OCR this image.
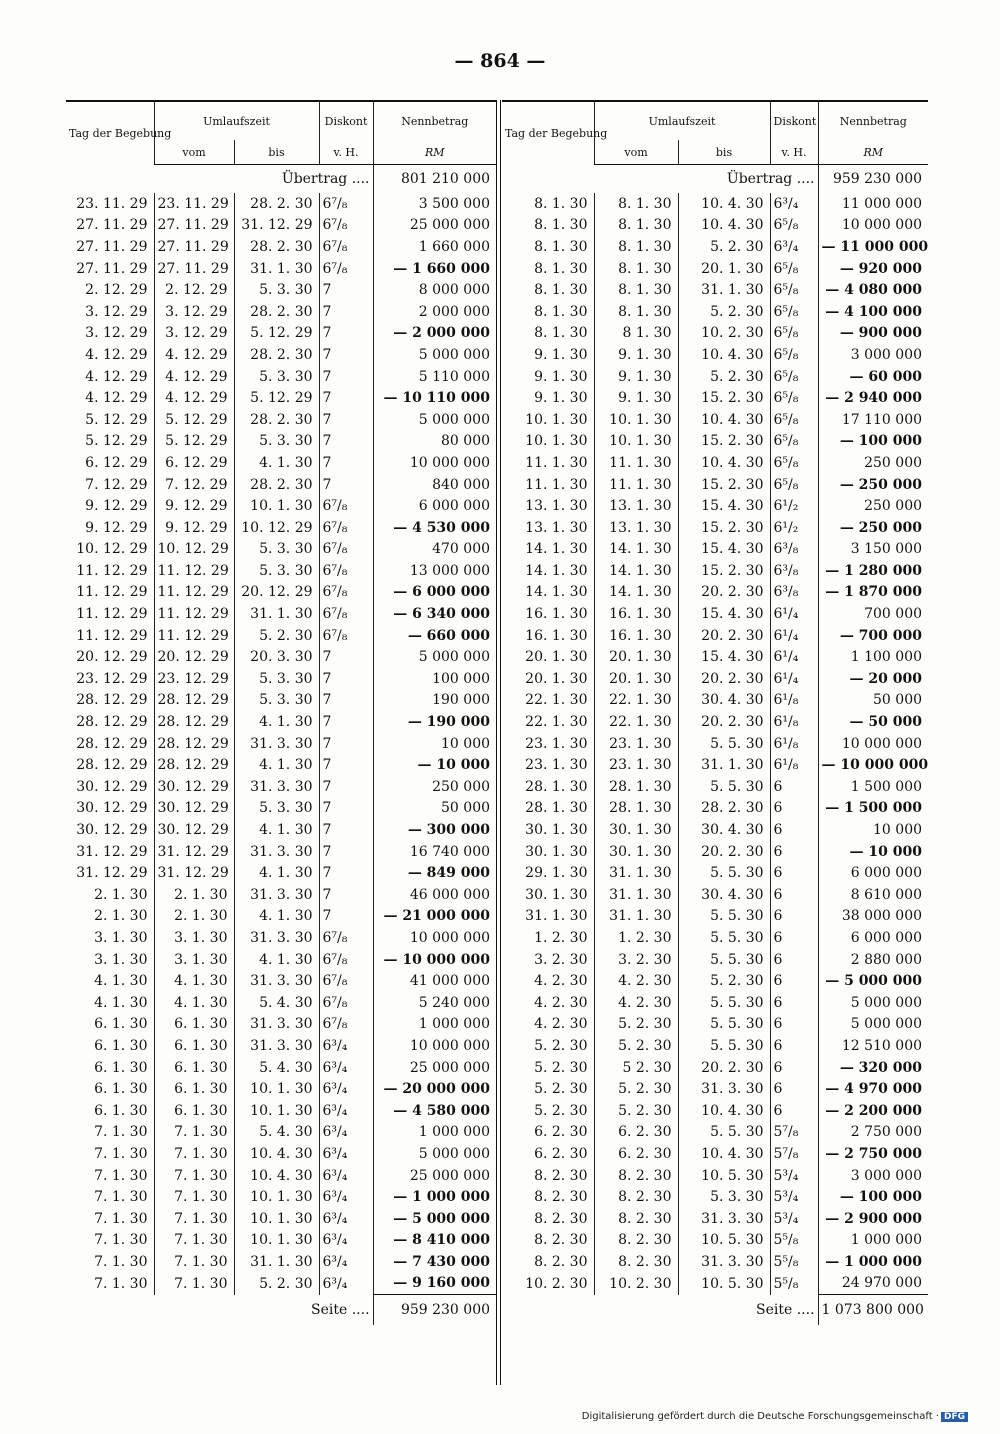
— 864 —
Tag der Begebung	Umlaufszeit		Diskont	Nennbetrag
	vom	bis	v. H.	RM
Übertrag ....				801 210 000
23. 11. 29	23. 11. 29	28. 2. 30	6⁷/₈	3 500 000
27. 11. 29	27. 11. 29	31. 12. 29	6⁷/₈	25 000 000
27. 11. 29	27. 11. 29	28. 2. 30	6⁷/₈	1 660 000
27. 11. 29	27. 11. 29	31. 1. 30	6⁷/₈	— 1 660 000
2. 12. 29	2. 12. 29	5. 3. 30	7	8 000 000
3. 12. 29	3. 12. 29	28. 2. 30	7	2 000 000
3. 12. 29	3. 12. 29	5. 12. 29	7	— 2 000 000
4. 12. 29	4. 12. 29	28. 2. 30	7	5 000 000
4. 12. 29	4. 12. 29	5. 3. 30	7	5 110 000
4. 12. 29	4. 12. 29	5. 12. 29	7	— 10 110 000
5. 12. 29	5. 12. 29	28. 2. 30	7	5 000 000
5. 12. 29	5. 12. 29	5. 3. 30	7	80 000
6. 12. 29	6. 12. 29	4. 1. 30	7	10 000 000
7. 12. 29	7. 12. 29	28. 2. 30	7	840 000
9. 12. 29	9. 12. 29	10. 1. 30	6⁷/₈	6 000 000
9. 12. 29	9. 12. 29	10. 12. 29	6⁷/₈	— 4 530 000
10. 12. 29	10. 12. 29	5. 3. 30	6⁷/₈	470 000
11. 12. 29	11. 12. 29	5. 3. 30	6⁷/₈	13 000 000
11. 12. 29	11. 12. 29	20. 12. 29	6⁷/₈	— 6 000 000
11. 12. 29	11. 12. 29	31. 1. 30	6⁷/₈	— 6 340 000
11. 12. 29	11. 12. 29	5. 2. 30	6⁷/₈	— 660 000
20. 12. 29	20. 12. 29	20. 3. 30	7	5 000 000
23. 12. 29	23. 12. 29	5. 3. 30	7	100 000
28. 12. 29	28. 12. 29	5. 3. 30	7	190 000
28. 12. 29	28. 12. 29	4. 1. 30	7	— 190 000
28. 12. 29	28. 12. 29	31. 3. 30	7	10 000
28. 12. 29	28. 12. 29	4. 1. 30	7	— 10 000
30. 12. 29	30. 12. 29	31. 3. 30	7	250 000
30. 12. 29	30. 12. 29	5. 3. 30	7	50 000
30. 12. 29	30. 12. 29	4. 1. 30	7	— 300 000
31. 12. 29	31. 12. 29	31. 3. 30	7	16 740 000
31. 12. 29	31. 12. 29	4. 1. 30	7	— 849 000
2. 1. 30	2. 1. 30	31. 3. 30	7	46 000 000
2. 1. 30	2. 1. 30	4. 1. 30	7	— 21 000 000
3. 1. 30	3. 1. 30	31. 3. 30	6⁷/₈	10 000 000
3. 1. 30	3. 1. 30	4. 1. 30	6⁷/₈	— 10 000 000
4. 1. 30	4. 1. 30	31. 3. 30	6⁷/₈	41 000 000
4. 1. 30	4. 1. 30	5. 4. 30	6⁷/₈	5 240 000
6. 1. 30	6. 1. 30	31. 3. 30	6⁷/₈	1 000 000
6. 1. 30	6. 1. 30	31. 3. 30	6³/₄	10 000 000
6. 1. 30	6. 1. 30	5. 4. 30	6³/₄	25 000 000
6. 1. 30	6. 1. 30	10. 1. 30	6³/₄	— 20 000 000
6. 1. 30	6. 1. 30	10. 1. 30	6³/₄	— 4 580 000
7. 1. 30	7. 1. 30	5. 4. 30	6³/₄	1 000 000
7. 1. 30	7. 1. 30	10. 4. 30	6³/₄	5 000 000
7. 1. 30	7. 1. 30	10. 4. 30	6³/₄	25 000 000
7. 1. 30	7. 1. 30	10. 1. 30	6³/₄	— 1 000 000
7. 1. 30	7. 1. 30	10. 1. 30	6³/₄	— 5 000 000
7. 1. 30	7. 1. 30	10. 1. 30	6³/₄	— 8 410 000
7. 1. 30	7. 1. 30	31. 1. 30	6³/₄	— 7 430 000
7. 1. 30	7. 1. 30	5. 2. 30	6³/₄	— 9 160 000
Seite ....				959 230 000
Tag der Begebung	Umlaufszeit		Diskont	Nennbetrag
	vom	bis	v. H.	RM
Übertrag ....				959 230 000
8. 1. 30	8. 1. 30	10. 4. 30	6³/₄	11 000 000
8. 1. 30	8. 1. 30	10. 4. 30	6⁵/₈	10 000 000
8. 1. 30	8. 1. 30	5. 2. 30	6³/₄	— 11 000 000
8. 1. 30	8. 1. 30	20. 1. 30	6⁵/₈	— 920 000
8. 1. 30	8. 1. 30	31. 1. 30	6⁵/₈	— 4 080 000
8. 1. 30	8. 1. 30	5. 2. 30	6⁵/₈	— 4 100 000
8. 1. 30	8 1. 30	10. 2. 30	6⁵/₈	— 900 000
9. 1. 30	9. 1. 30	10. 4. 30	6⁵/₈	3 000 000
9. 1. 30	9. 1. 30	5. 2. 30	6⁵/₈	— 60 000
9. 1. 30	9. 1. 30	15. 2. 30	6⁵/₈	— 2 940 000
10. 1. 30	10. 1. 30	10. 4. 30	6⁵/₈	17 110 000
10. 1. 30	10. 1. 30	15. 2. 30	6⁵/₈	— 100 000
11. 1. 30	11. 1. 30	10. 4. 30	6⁵/₈	250 000
11. 1. 30	11. 1. 30	15. 2. 30	6⁵/₈	— 250 000
13. 1. 30	13. 1. 30	15. 4. 30	6¹/₂	250 000
13. 1. 30	13. 1. 30	15. 2. 30	6¹/₂	— 250 000
14. 1. 30	14. 1. 30	15. 4. 30	6³/₈	3 150 000
14. 1. 30	14. 1. 30	15. 2. 30	6³/₈	— 1 280 000
14. 1. 30	14. 1. 30	20. 2. 30	6³/₈	— 1 870 000
16. 1. 30	16. 1. 30	15. 4. 30	6¹/₄	700 000
16. 1. 30	16. 1. 30	20. 2. 30	6¹/₄	— 700 000
20. 1. 30	20. 1. 30	15. 4. 30	6¹/₄	1 100 000
20. 1. 30	20. 1. 30	20. 2. 30	6¹/₄	— 20 000
22. 1. 30	22. 1. 30	30. 4. 30	6¹/₈	50 000
22. 1. 30	22. 1. 30	20. 2. 30	6¹/₈	— 50 000
23. 1. 30	23. 1. 30	5. 5. 30	6¹/₈	10 000 000
23. 1. 30	23. 1. 30	31. 1. 30	6¹/₈	— 10 000 000
28. 1. 30	28. 1. 30	5. 5. 30	6	1 500 000
28. 1. 30	28. 1. 30	28. 2. 30	6	— 1 500 000
30. 1. 30	30. 1. 30	30. 4. 30	6	10 000
30. 1. 30	30. 1. 30	20. 2. 30	6	— 10 000
29. 1. 30	31. 1. 30	5. 5. 30	6	6 000 000
30. 1. 30	31. 1. 30	30. 4. 30	6	8 610 000
31. 1. 30	31. 1. 30	5. 5. 30	6	38 000 000
1. 2. 30	1. 2. 30	5. 5. 30	6	6 000 000
3. 2. 30	3. 2. 30	5. 5. 30	6	2 880 000
4. 2. 30	4. 2. 30	5. 2. 30	6	— 5 000 000
4. 2. 30	4. 2. 30	5. 5. 30	6	5 000 000
4. 2. 30	5. 2. 30	5. 5. 30	6	5 000 000
5. 2. 30	5. 2. 30	5. 5. 30	6	12 510 000
5. 2. 30	5 2. 30	20. 2. 30	6	— 320 000
5. 2. 30	5. 2. 30	31. 3. 30	6	— 4 970 000
5. 2. 30	5. 2. 30	10. 4. 30	6	— 2 200 000
6. 2. 30	6. 2. 30	5. 5. 30	5⁷/₈	2 750 000
6. 2. 30	6. 2. 30	10. 4. 30	5⁷/₈	— 2 750 000
8. 2. 30	8. 2. 30	10. 5. 30	5³/₄	3 000 000
8. 2. 30	8. 2. 30	5. 3. 30	5³/₄	— 100 000
8. 2. 30	8. 2. 30	31. 3. 30	5³/₄	— 2 900 000
8. 2. 30	8. 2. 30	10. 5. 30	5⁵/₈	1 000 000
8. 2. 30	8. 2. 30	31. 3. 30	5⁵/₈	— 1 000 000
10. 2. 30	10. 2. 30	10. 5. 30	5⁵/₈	24 970 000
Seite ....				1 073 800 000
Digitalisierung gefördert durch die Deutsche Forschungsgemeinschaft · DFG
